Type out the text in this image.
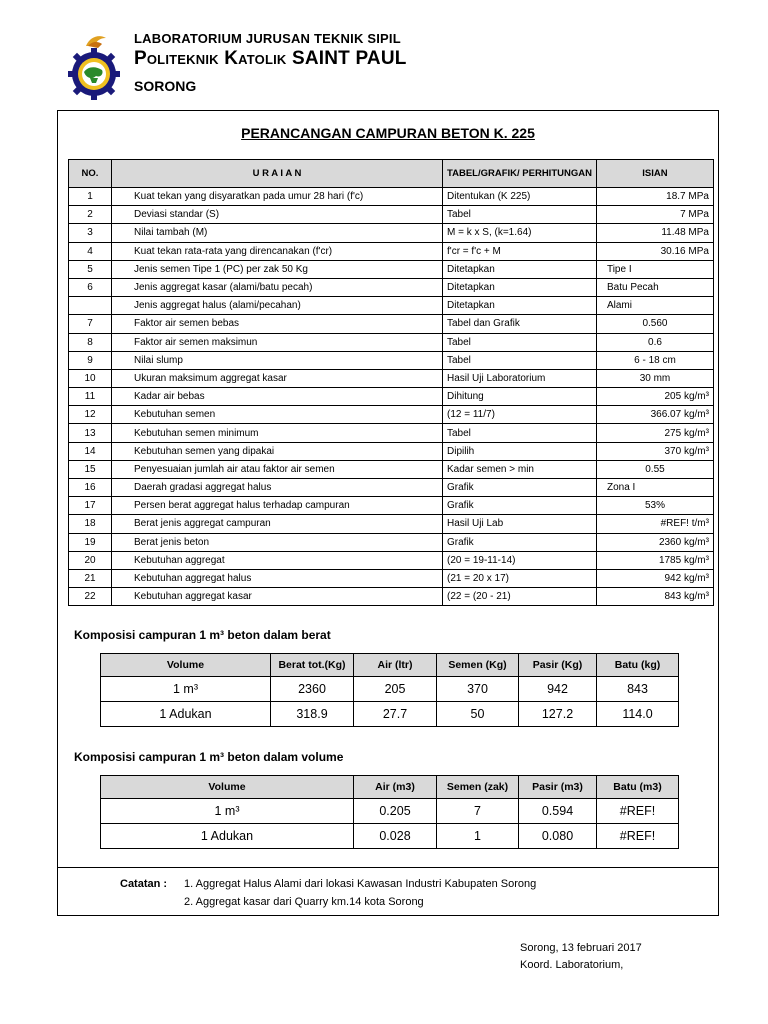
LABORATORIUM JURUSAN TEKNIK SIPIL
Politeknik Katolik SAINT PAUL
SORONG
PERANCANGAN CAMPURAN BETON K. 225
NO.	U R A I A N	TABEL/GRAFIK/ PERHITUNGAN	ISIAN
1	Kuat tekan yang disyaratkan pada umur 28 hari (f'c)	Ditentukan (K 225)	18.7 MPa
2	Deviasi standar (S)	Tabel	7 MPa
3	Nilai tambah (M)	M = k x S, (k=1.64)	11.48 MPa
4	Kuat tekan rata-rata yang direncanakan (f'cr)	f'cr = f'c + M	30.16 MPa
5	Jenis semen Tipe 1 (PC) per zak 50 Kg	Ditetapkan	Tipe I
6	Jenis aggregat kasar (alami/batu pecah)	Ditetapkan	Batu Pecah
	Jenis aggregat halus (alami/pecahan)	Ditetapkan	Alami
7	Faktor air semen bebas	Tabel dan Grafik	0.560
8	Faktor air semen maksimun	Tabel	0.6
9	Nilai slump	Tabel	6 - 18 cm
10	Ukuran maksimum aggregat kasar	Hasil Uji Laboratorium	30 mm
11	Kadar air bebas	Dihitung	205 kg/m³
12	Kebutuhan semen	(12 = 11/7)	366.07 kg/m³
13	Kebutuhan semen minimum	Tabel	275 kg/m³
14	Kebutuhan semen yang dipakai	Dipilih	370 kg/m³
15	Penyesuaian jumlah air atau faktor air semen	Kadar semen > min	0.55
16	Daerah gradasi aggregat halus	Grafik	Zona I
17	Persen berat aggregat halus terhadap campuran	Grafik	53%
18	Berat jenis aggregat campuran	Hasil Uji Lab	#REF! t/m³
19	Berat jenis beton	Grafik	2360 kg/m³
20	Kebutuhan aggregat	(20 = 19-11-14)	1785 kg/m³
21	Kebutuhan aggregat halus	(21 = 20 x 17)	942 kg/m³
22	Kebutuhan aggregat kasar	(22 = (20 - 21)	843 kg/m³
Komposisi campuran 1 m³ beton dalam berat
Volume	Berat tot.(Kg)	Air (ltr)	Semen (Kg)	Pasir (Kg)	Batu (kg)
1 m³	2360	205	370	942	843
1 Adukan	318.9	27.7	50	127.2	114.0
Komposisi campuran 1 m³ beton dalam volume
Volume	Air (m3)	Semen (zak)	Pasir (m3)	Batu (m3)
1 m³	0.205	7	0.594	#REF!
1 Adukan	0.028	1	0.080	#REF!
Catatan : 1. Aggregat Halus Alami dari lokasi Kawasan Industri Kabupaten Sorong
2. Aggregat kasar dari Quarry km.14 kota Sorong
Sorong, 13 februari 2017
Koord. Laboratorium,
